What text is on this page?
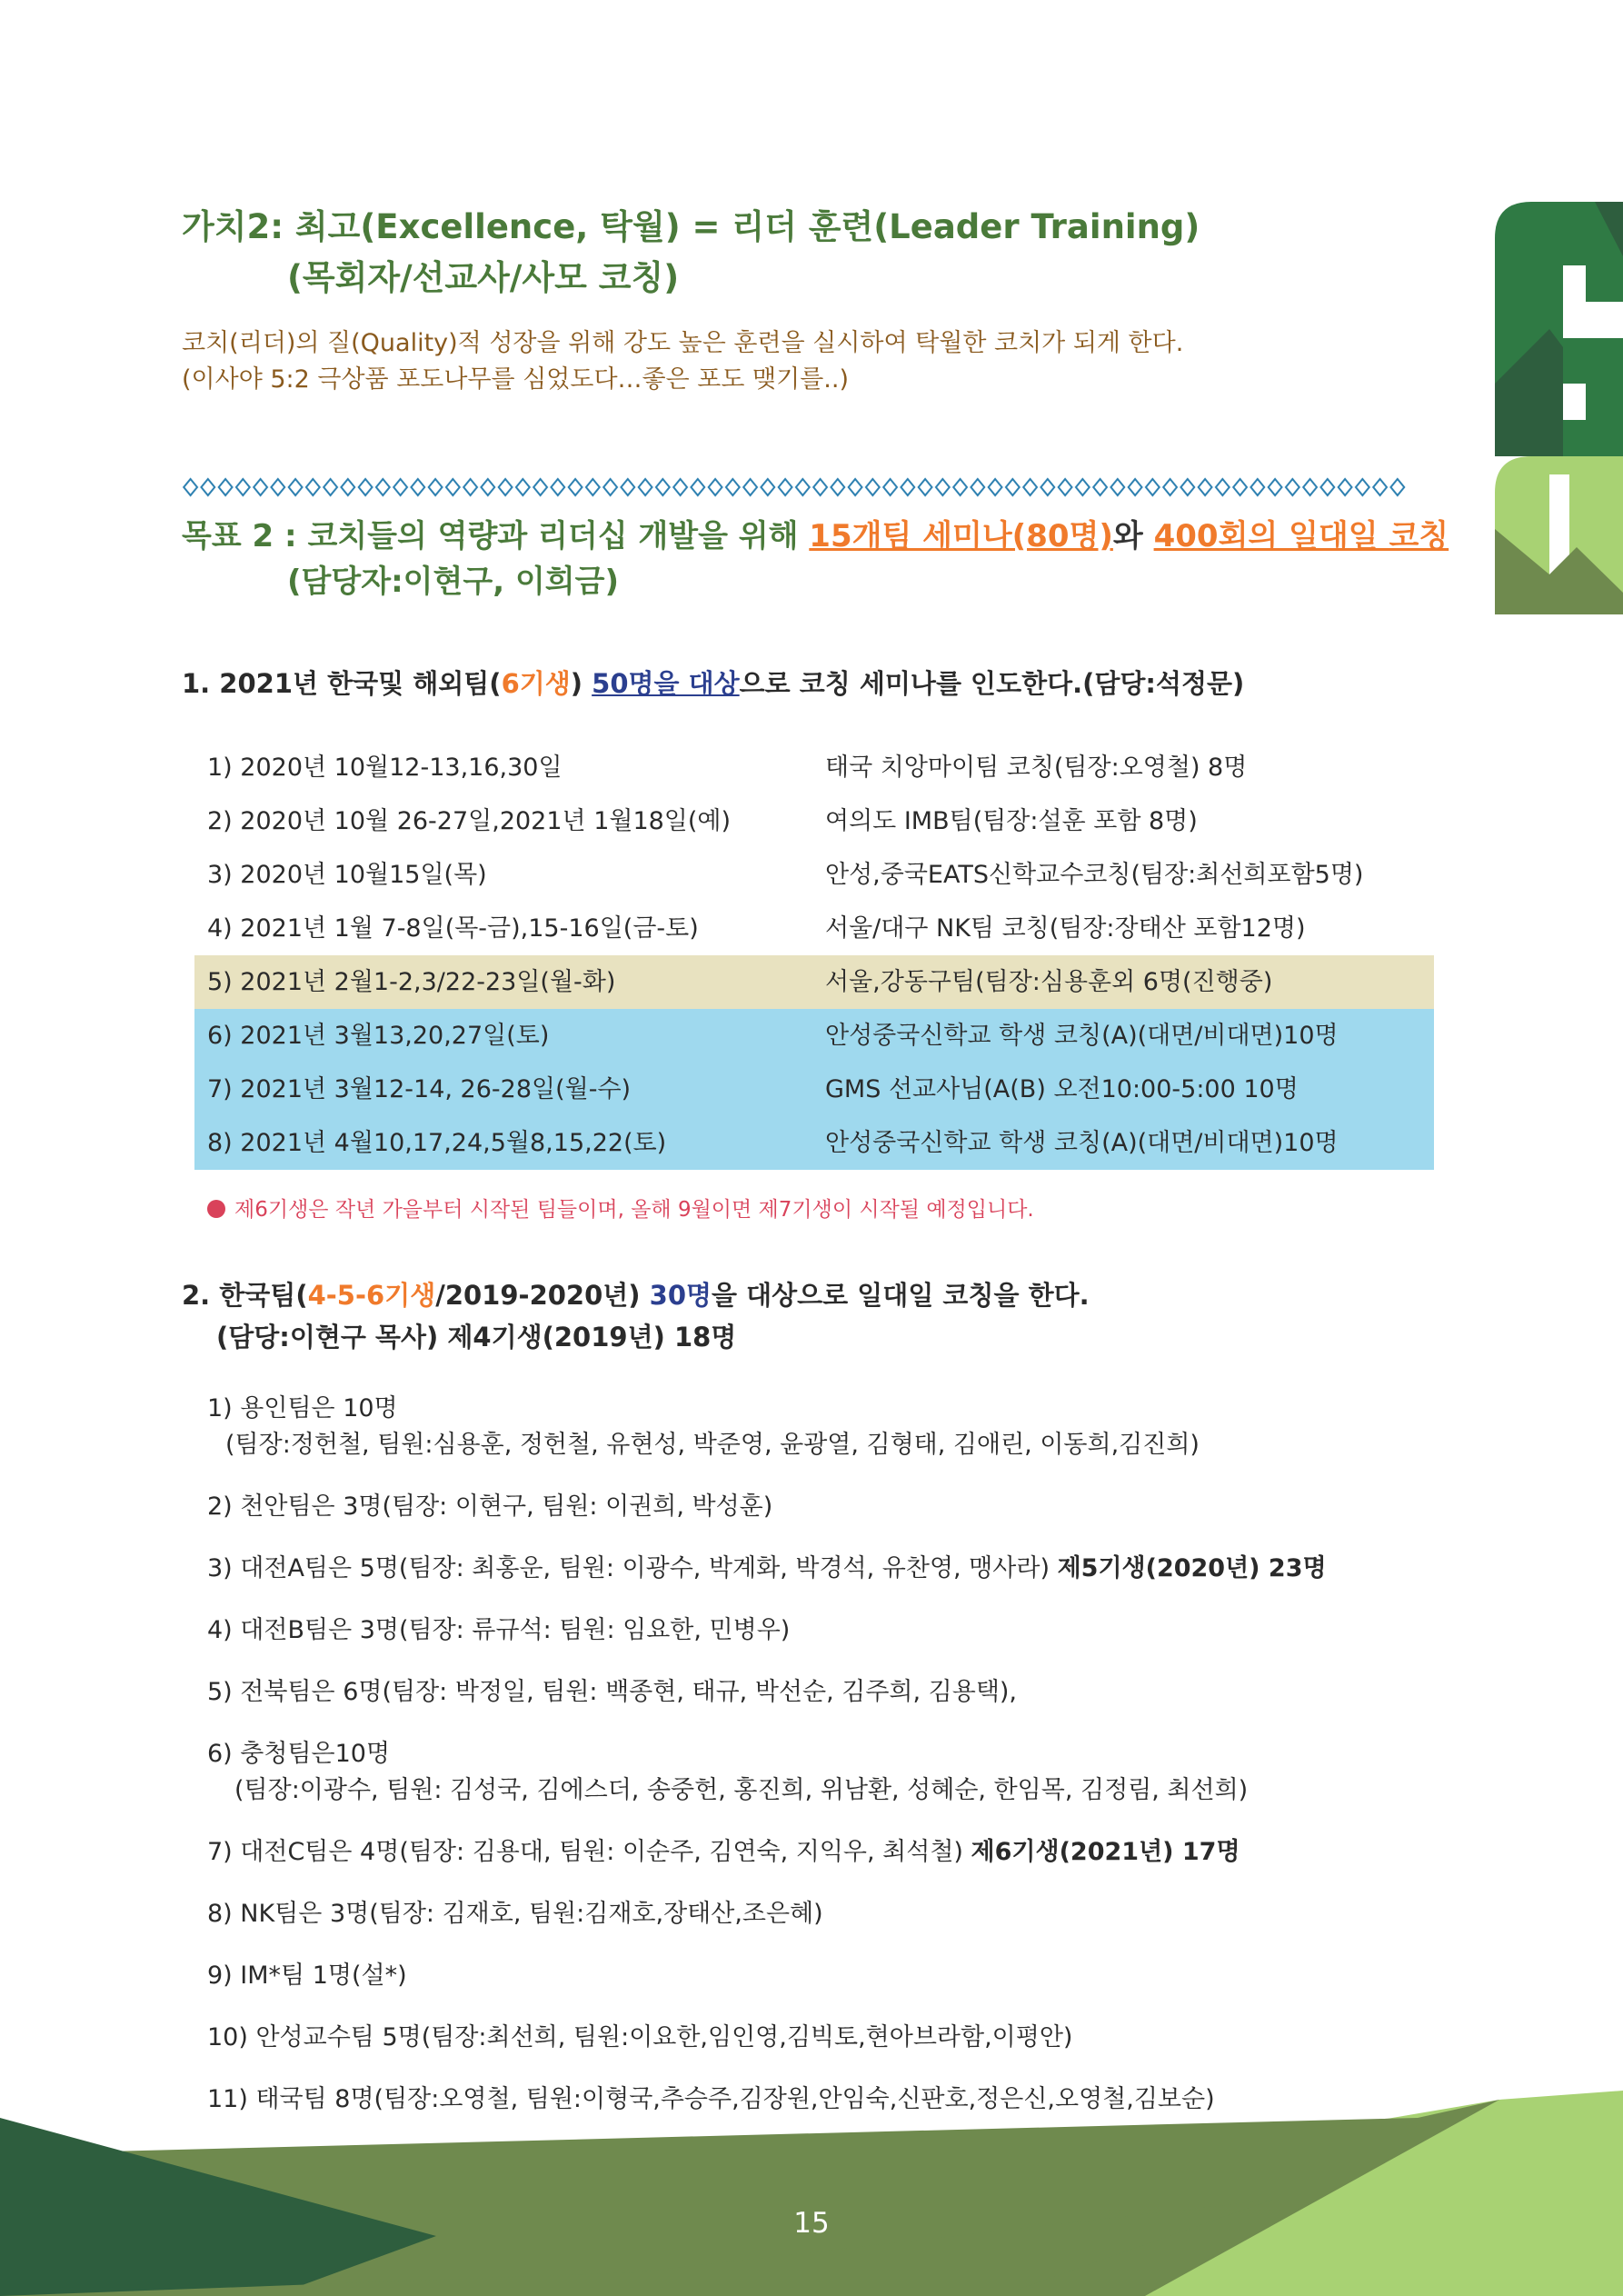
가치2: 최고(Excellence, 탁월) = 리더 훈련(Leader Training)
(목회자/선교사/사모 코칭)
코치(리더)의 질(Quality)적 성장을 위해 강도 높은 훈련을 실시하여 탁월한 코치가 되게 한다.
(이사야 5:2 극상품 포도나무를 심었도다…좋은 포도 맺기를..)
목표 2 : 코치들의 역량과 리더십 개발을 위해 15개팀 세미나(80명)와 400회의 일대일 코칭
(담당자:이현구, 이희금)
1. 2021년 한국및 해외팀(6기생) 50명을 대상으로 코칭 세미나를 인도한다.(담당:석정문)
1) 2020년 10월12-13,16,30일	태국 치앙마이팀 코칭(팀장:오영철) 8명
2) 2020년 10월 26-27일,2021년 1월18일(예)	여의도 IMB팀(팀장:설훈 포함 8명)
3) 2020년 10월15일(목)	안성,중국EATS신학교수코칭(팀장:최선희포함5명)
4) 2021년 1월 7-8일(목-금),15-16일(금-토)	서울/대구 NK팀 코칭(팀장:장태산 포함12명)
5) 2021년 2월1-2,3/22-23일(월-화)	서울,강동구팀(팀장:심용훈외 6명(진행중)
6) 2021년 3월13,20,27일(토)	안성중국신학교 학생 코칭(A)(대면/비대면)10명
7) 2021년 3월12-14, 26-28일(월-수)	GMS 선교사님(A(B) 오전10:00-5:00 10명
8) 2021년 4월10,17,24,5월8,15,22(토)	안성중국신학교 학생 코칭(A)(대면/비대면)10명
제6기생은 작년 가을부터 시작된 팀들이며, 올해 9월이면 제7기생이 시작될 예정입니다.
2. 한국팀(4-5-6기생/2019-2020년) 30명을 대상으로 일대일 코칭을 한다.
(담당:이현구 목사) 제4기생(2019년) 18명
1) 용인팀은 10명
(팀장:정헌철, 팀원:심용훈, 정헌철, 유현성, 박준영, 윤광열, 김형태, 김애린, 이동희,김진희)
2) 천안팀은 3명(팀장: 이현구, 팀원: 이권희, 박성훈)
3) 대전A팀은 5명(팀장: 최홍운, 팀원: 이광수, 박계화, 박경석, 유찬영, 맹사라) 제5기생(2020년) 23명
4) 대전B팀은 3명(팀장: 류규석: 팀원: 임요한, 민병우)
5) 전북팀은 6명(팀장: 박정일, 팀원: 백종현, 태규, 박선순, 김주희, 김용택),
6) 충청팀은10명
(팀장:이광수, 팀원: 김성국, 김에스더, 송중헌, 홍진희, 위남환, 성혜순, 한임목, 김정림, 최선희)
7) 대전C팀은 4명(팀장: 김용대, 팀원: 이순주, 김연숙, 지익우, 최석철) 제6기생(2021년) 17명
8) NK팀은 3명(팀장: 김재호, 팀원:김재호,장태산,조은혜)
9) IM*팀 1명(설*)
10) 안성교수팀 5명(팀장:최선희, 팀원:이요한,임인영,김빅토,현아브라함,이평안)
11) 태국팀 8명(팀장:오영철, 팀원:이형국,추승주,김장원,안임숙,신판호,정은신,오영철,김보순)
15
